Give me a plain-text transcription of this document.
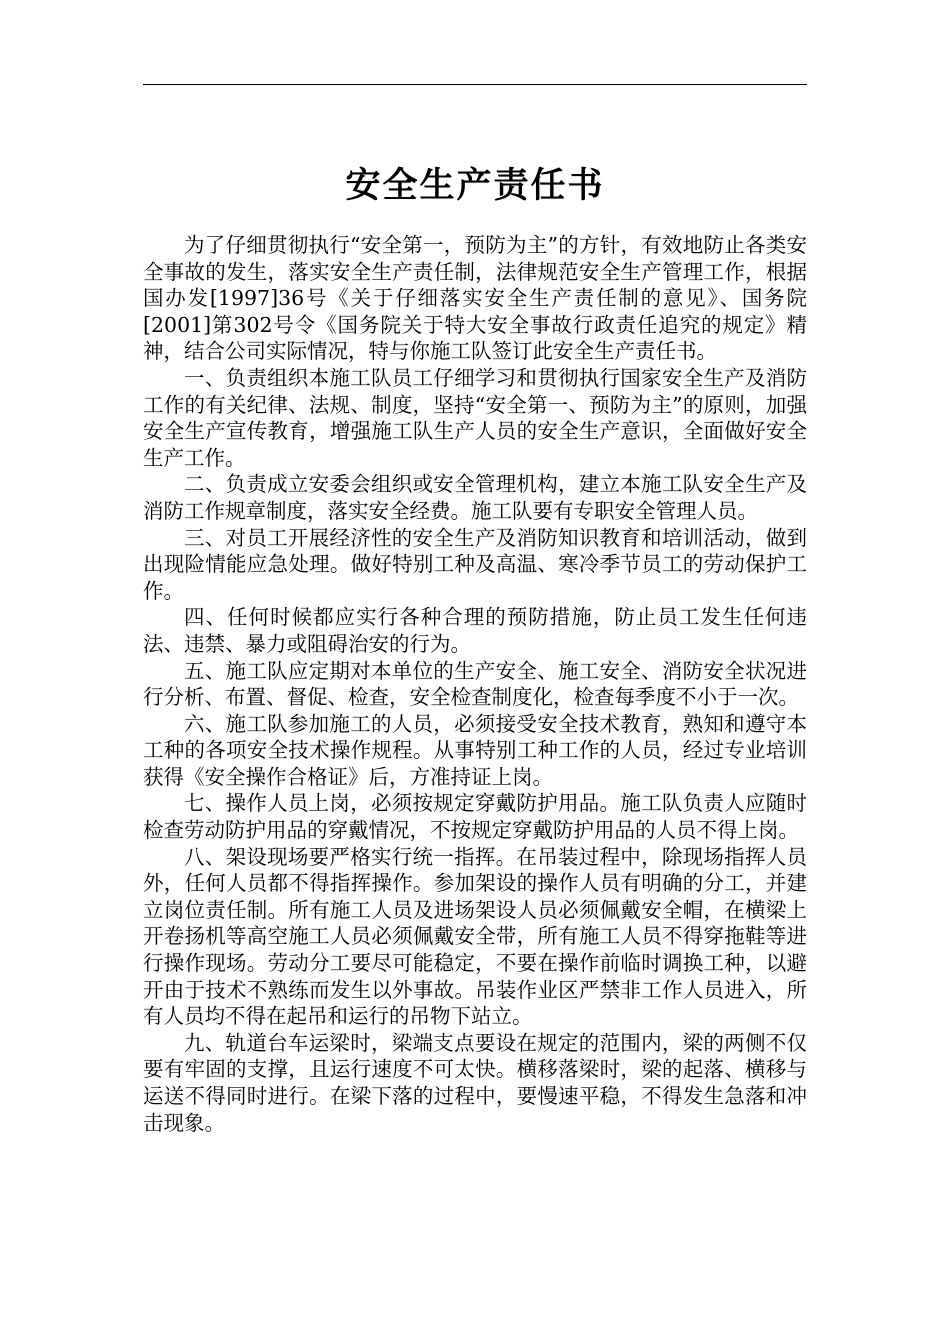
安全生产责任书

为了仔细贯彻执行“安全第一，预防为主”的方针，有效地防止各类安全事故的发生，落实安全生产责任制，法律规范安全生产管理工作，根据国办发[1997]36号《关于仔细落实安全生产责任制的意见》、国务院[2001]第302号令《国务院关于特大安全事故行政责任追究的规定》精神，结合公司实际情况，特与你施工队签订此安全生产责任书。

一、负责组织本施工队员工仔细学习和贯彻执行国家安全生产及消防工作的有关纪律、法规、制度，坚持“安全第一、预防为主”的原则，加强安全生产宣传教育，增强施工队生产人员的安全生产意识，全面做好安全生产工作。

二、负责成立安委会组织或安全管理机构，建立本施工队安全生产及消防工作规章制度，落实安全经费。施工队要有专职安全管理人员。

三、对员工开展经济性的安全生产及消防知识教育和培训活动，做到出现险情能应急处理。做好特别工种及高温、寒冷季节员工的劳动保护工作。

四、任何时候都应实行各种合理的预防措施，防止员工发生任何违法、违禁、暴力或阻碍治安的行为。

五、施工队应定期对本单位的生产安全、施工安全、消防安全状况进行分析、布置、督促、检查，安全检查制度化，检查每季度不小于一次。

六、施工队参加施工的人员，必须接受安全技术教育，熟知和遵守本工种的各项安全技术操作规程。从事特别工种工作的人员，经过专业培训获得《安全操作合格证》后，方准持证上岗。

七、操作人员上岗，必须按规定穿戴防护用品。施工队负责人应随时检查劳动防护用品的穿戴情况，不按规定穿戴防护用品的人员不得上岗。

八、架设现场要严格实行统一指挥。在吊装过程中，除现场指挥人员外，任何人员都不得指挥操作。参加架设的操作人员有明确的分工，并建立岗位责任制。所有施工人员及进场架设人员必须佩戴安全帽，在横梁上开卷扬机等高空施工人员必须佩戴安全带，所有施工人员不得穿拖鞋等进行操作现场。劳动分工要尽可能稳定，不要在操作前临时调换工种，以避开由于技术不熟练而发生以外事故。吊装作业区严禁非工作人员进入，所有人员均不得在起吊和运行的吊物下站立。

九、轨道台车运梁时，梁端支点要设在规定的范围内，梁的两侧不仅要有牢固的支撑，且运行速度不可太快。横移落梁时，梁的起落、横移与运送不得同时进行。在梁下落的过程中，要慢速平稳，不得发生急落和冲击现象。
